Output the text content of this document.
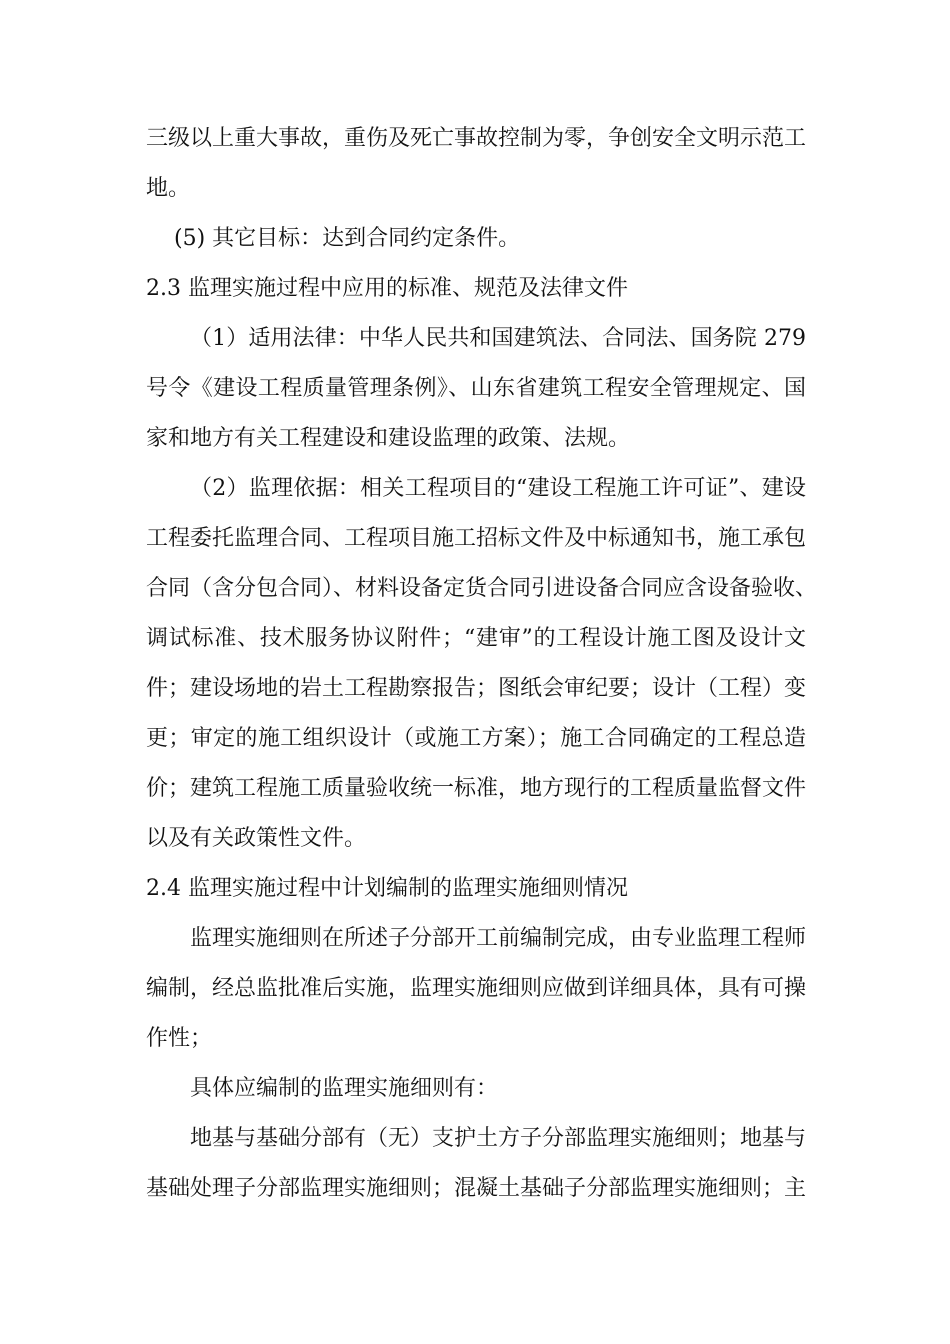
三级以上重大事故，重伤及死亡事故控制为零，争创安全文明示范工
地。
(5) 其它目标：达到合同约定条件。
2.3 监理实施过程中应用的标准、规范及法律文件
（1）适用法律：中华人民共和国建筑法、合同法、国务院 279
号令《建设工程质量管理条例》、山东省建筑工程安全管理规定、国
家和地方有关工程建设和建设监理的政策、法规。
（2）监理依据：相关工程项目的“建设工程施工许可证”、建设
工程委托监理合同、工程项目施工招标文件及中标通知书，施工承包
合同（含分包合同）、材料设备定货合同引进设备合同应含设备验收、
调试标准、技术服务协议附件；“建审”的工程设计施工图及设计文
件；建设场地的岩土工程勘察报告；图纸会审纪要；设计（工程）变
更；审定的施工组织设计（或施工方案）；施工合同确定的工程总造
价；建筑工程施工质量验收统一标准，地方现行的工程质量监督文件
以及有关政策性文件。
2.4 监理实施过程中计划编制的监理实施细则情况
监理实施细则在所述子分部开工前编制完成，由专业监理工程师
编制，经总监批准后实施，监理实施细则应做到详细具体，具有可操
作性；
具体应编制的监理实施细则有：
地基与基础分部有（无）支护土方子分部监理实施细则；地基与
基础处理子分部监理实施细则；混凝土基础子分部监理实施细则；主
